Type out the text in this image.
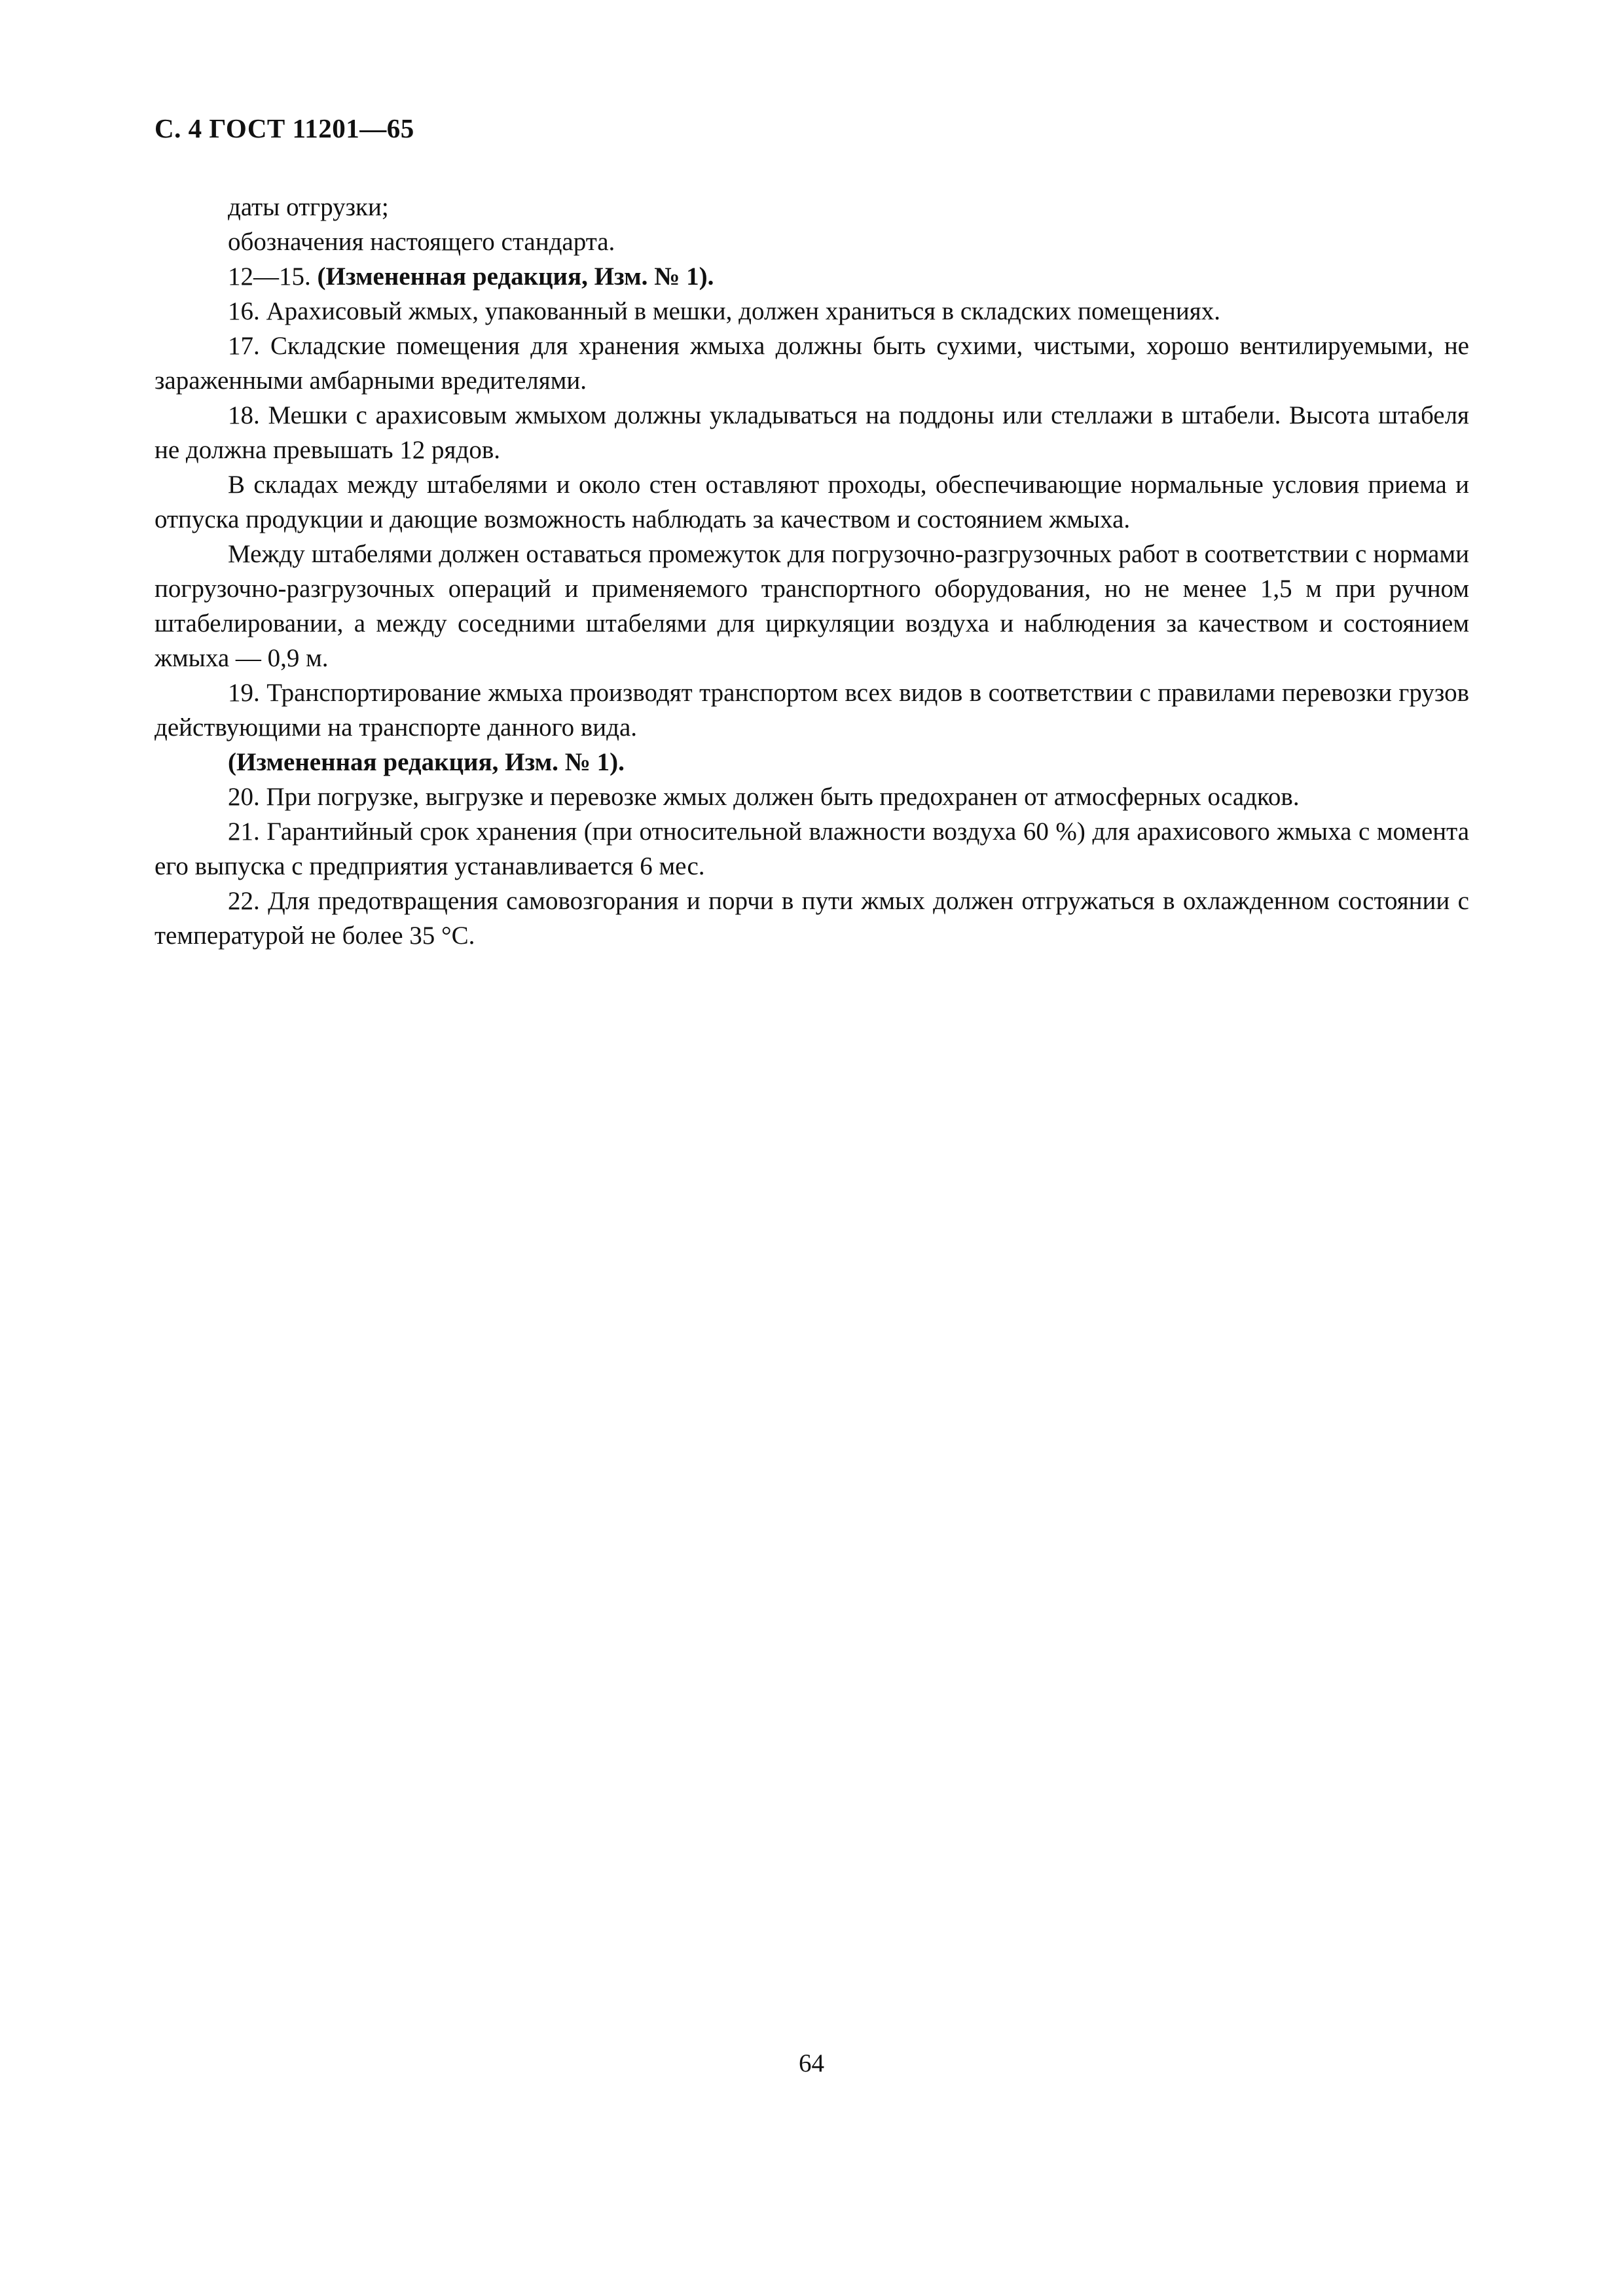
С. 4 ГОСТ 11201—65

даты отгрузки;

обозначения настоящего стандарта.

12—15. (Измененная редакция, Изм. № 1).

16. Арахисовый жмых, упакованный в мешки, должен храниться в складских помещениях.

17. Складские помещения для хранения жмыха должны быть сухими, чистыми, хорошо вентилируемыми, не зараженными амбарными вредителями.

18. Мешки с арахисовым жмыхом должны укладываться на поддоны или стеллажи в штабели. Высота штабеля не должна превышать 12 рядов.

В складах между штабелями и около стен оставляют проходы, обеспечивающие нормальные условия приема и отпуска продукции и дающие возможность наблюдать за качеством и состоянием жмыха.

Между штабелями должен оставаться промежуток для погрузочно-разгрузочных работ в соответствии с нормами погрузочно-разгрузочных операций и применяемого транспортного оборудования, но не менее 1,5 м при ручном штабелировании, а между соседними штабелями для циркуляции воздуха и наблюдения за качеством и состоянием жмыха — 0,9 м.

19. Транспортирование жмыха производят транспортом всех видов в соответствии с правилами перевозки грузов действующими на транспорте данного вида.

(Измененная редакция, Изм. № 1).

20. При погрузке, выгрузке и перевозке жмых должен быть предохранен от атмосферных осадков.

21. Гарантийный срок хранения (при относительной влажности воздуха 60 %) для арахисового жмыха с момента его выпуска с предприятия устанавливается 6 мес.

22. Для предотвращения самовозгорания и порчи в пути жмых должен отгружаться в охлажденном состоянии с температурой не более 35 °C.

64
